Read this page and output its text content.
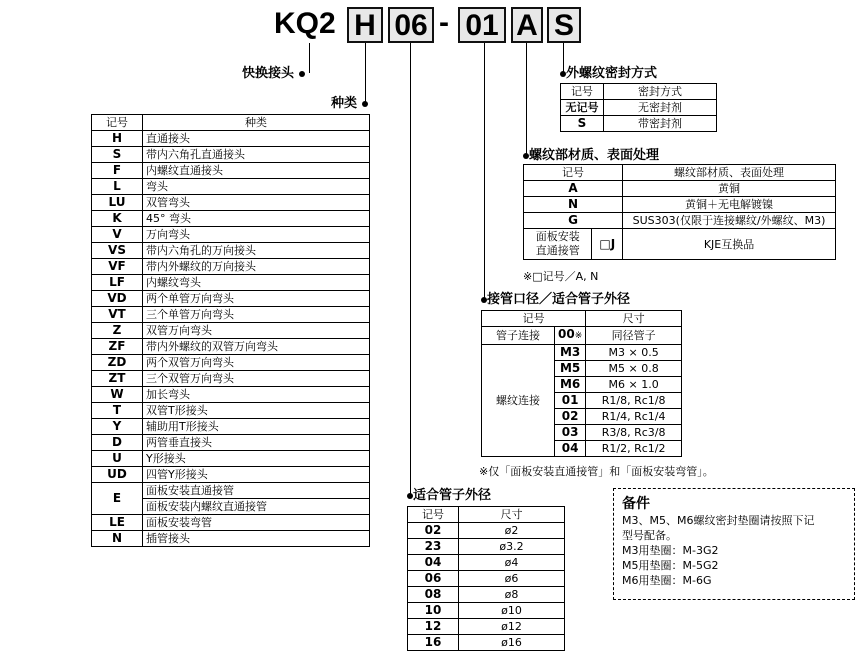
KQ2 H 06 - 01 A S
快换接头
种类
外螺纹密封方式
螺纹部材质、表面处理
接管口径／适合管子外径
适合管子外径
记号	种类
H	直通接头
S	带内六角孔直通接头
F	内螺纹直通接头
L	弯头
LU	双管弯头
K	45° 弯头
V	万向弯头
VS	带内六角孔的万向接头
VF	带内外螺纹的万向接头
LF	内螺纹弯头
VD	两个单管万向弯头
VT	三个单管万向弯头
Z	双管万向弯头
ZF	带内外螺纹的双管万向弯头
ZD	两个双管万向弯头
ZT	三个双管万向弯头
W	加长弯头
T	双管T形接头
Y	辅助用T形接头
D	两管垂直接头
U	Y形接头
UD	四管Y形接头
E	面板安装直通接管
	面板安装内螺纹直通接管
LE	面板安装弯管
N	插管接头
记号	密封方式
无记号	无密封剂
S	带密封剂
记号		螺纹部材质、表面处理
A		黄铜
N		黄铜＋无电解镀镍
G		SUS303(仅限于连接螺纹/外螺纹、M3)
面板安装
直通接管	□J	KJE互换品
※□记号／A, N
记号		尺寸
管子连接	00※	同径管子
螺纹连接	M3	M3 × 0.5
	M5	M5 × 0.8
	M6	M6 × 1.0
	01	R1/8, Rc1/8
	02	R1/4, Rc1/4
	03	R3/8, Rc3/8
	04	R1/2, Rc1/2
※仅「面板安装直通接管」和「面板安装弯管」。
记号	尺寸
02	ø2
23	ø3.2
04	ø4
06	ø6
08	ø8
10	ø10
12	ø12
16	ø16
备件
M3、M5、M6螺纹密封垫圈请按照下记
型号配备。
M3用垫圈：M-3G2
M5用垫圈：M-5G2
M6用垫圈：M-6G
